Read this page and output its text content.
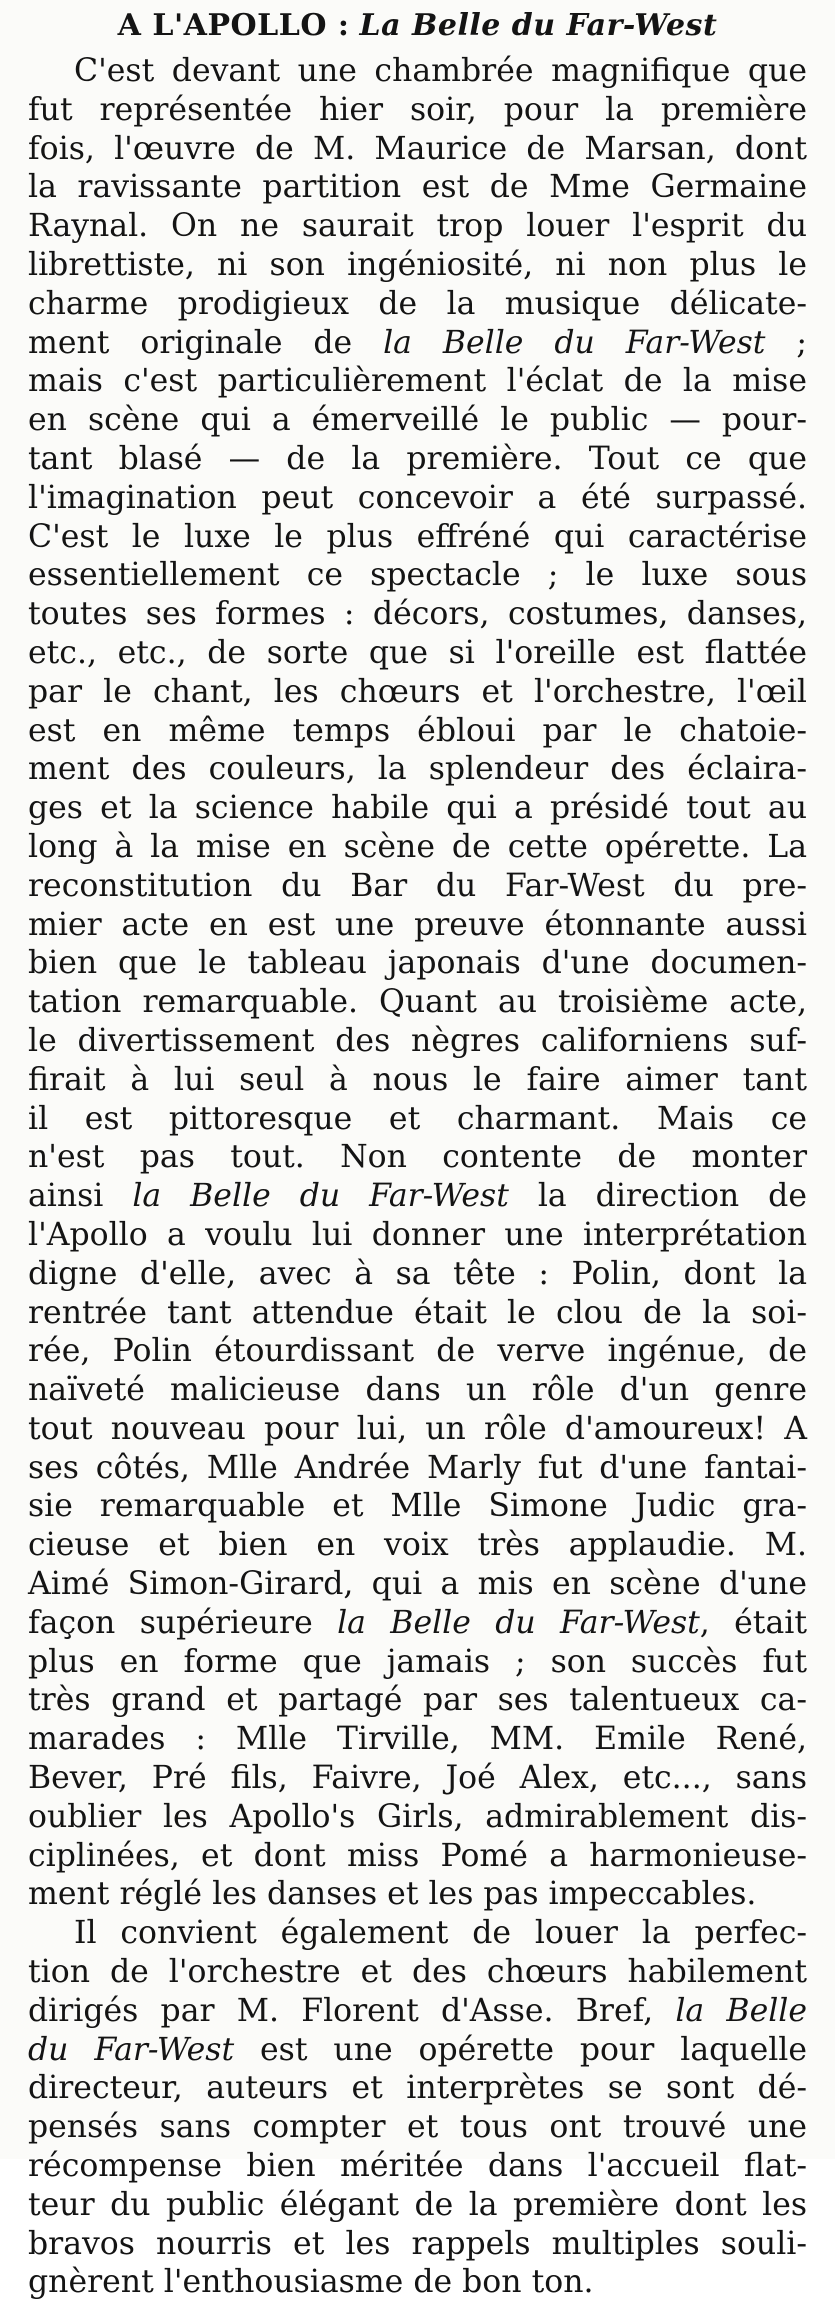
A L'APOLLO : La Belle du Far-West
C'est devant une chambrée magnifique que
fut représentée hier soir, pour la première
fois, l'œuvre de M. Maurice de Marsan, dont
la ravissante partition est de Mme Germaine
Raynal. On ne saurait trop louer l'esprit du
librettiste, ni son ingéniosité, ni non plus le
charme prodigieux de la musique délicate-
ment originale de la Belle du Far-West ;
mais c'est particulièrement l'éclat de la mise
en scène qui a émerveillé le public — pour-
tant blasé — de la première. Tout ce que
l'imagination peut concevoir a été surpassé.
C'est le luxe le plus effréné qui caractérise
essentiellement ce spectacle ; le luxe sous
toutes ses formes : décors, costumes, danses,
etc., etc., de sorte que si l'oreille est flattée
par le chant, les chœurs et l'orchestre, l'œil
est en même temps ébloui par le chatoie-
ment des couleurs, la splendeur des éclaira-
ges et la science habile qui a présidé tout au
long à la mise en scène de cette opérette. La
reconstitution du Bar du Far-West du pre-
mier acte en est une preuve étonnante aussi
bien que le tableau japonais d'une documen-
tation remarquable. Quant au troisième acte,
le divertissement des nègres californiens suf-
firait à lui seul à nous le faire aimer tant
il est pittoresque et charmant. Mais ce
n'est pas tout. Non contente de monter
ainsi la Belle du Far-West la direction de
l'Apollo a voulu lui donner une interprétation
digne d'elle, avec à sa tête : Polin, dont la
rentrée tant attendue était le clou de la soi-
rée, Polin étourdissant de verve ingénue, de
naïveté malicieuse dans un rôle d'un genre
tout nouveau pour lui, un rôle d'amoureux! A
ses côtés, Mlle Andrée Marly fut d'une fantai-
sie remarquable et Mlle Simone Judic gra-
cieuse et bien en voix très applaudie. M.
Aimé Simon-Girard, qui a mis en scène d'une
façon supérieure la Belle du Far-West, était
plus en forme que jamais ; son succès fut
très grand et partagé par ses talentueux ca-
marades : Mlle Tirville, MM. Emile René,
Bever, Pré fils, Faivre, Joé Alex, etc..., sans
oublier les Apollo's Girls, admirablement dis-
ciplinées, et dont miss Pomé a harmonieuse-
ment réglé les danses et les pas impeccables.
Il convient également de louer la perfec-
tion de l'orchestre et des chœurs habilement
dirigés par M. Florent d'Asse. Bref, la Belle
du Far-West est une opérette pour laquelle
directeur, auteurs et interprètes se sont dé-
pensés sans compter et tous ont trouvé une
récompense bien méritée dans l'accueil flat-
teur du public élégant de la première dont les
bravos nourris et les rappels multiples souli-
gnèrent l'enthousiasme de bon ton.
